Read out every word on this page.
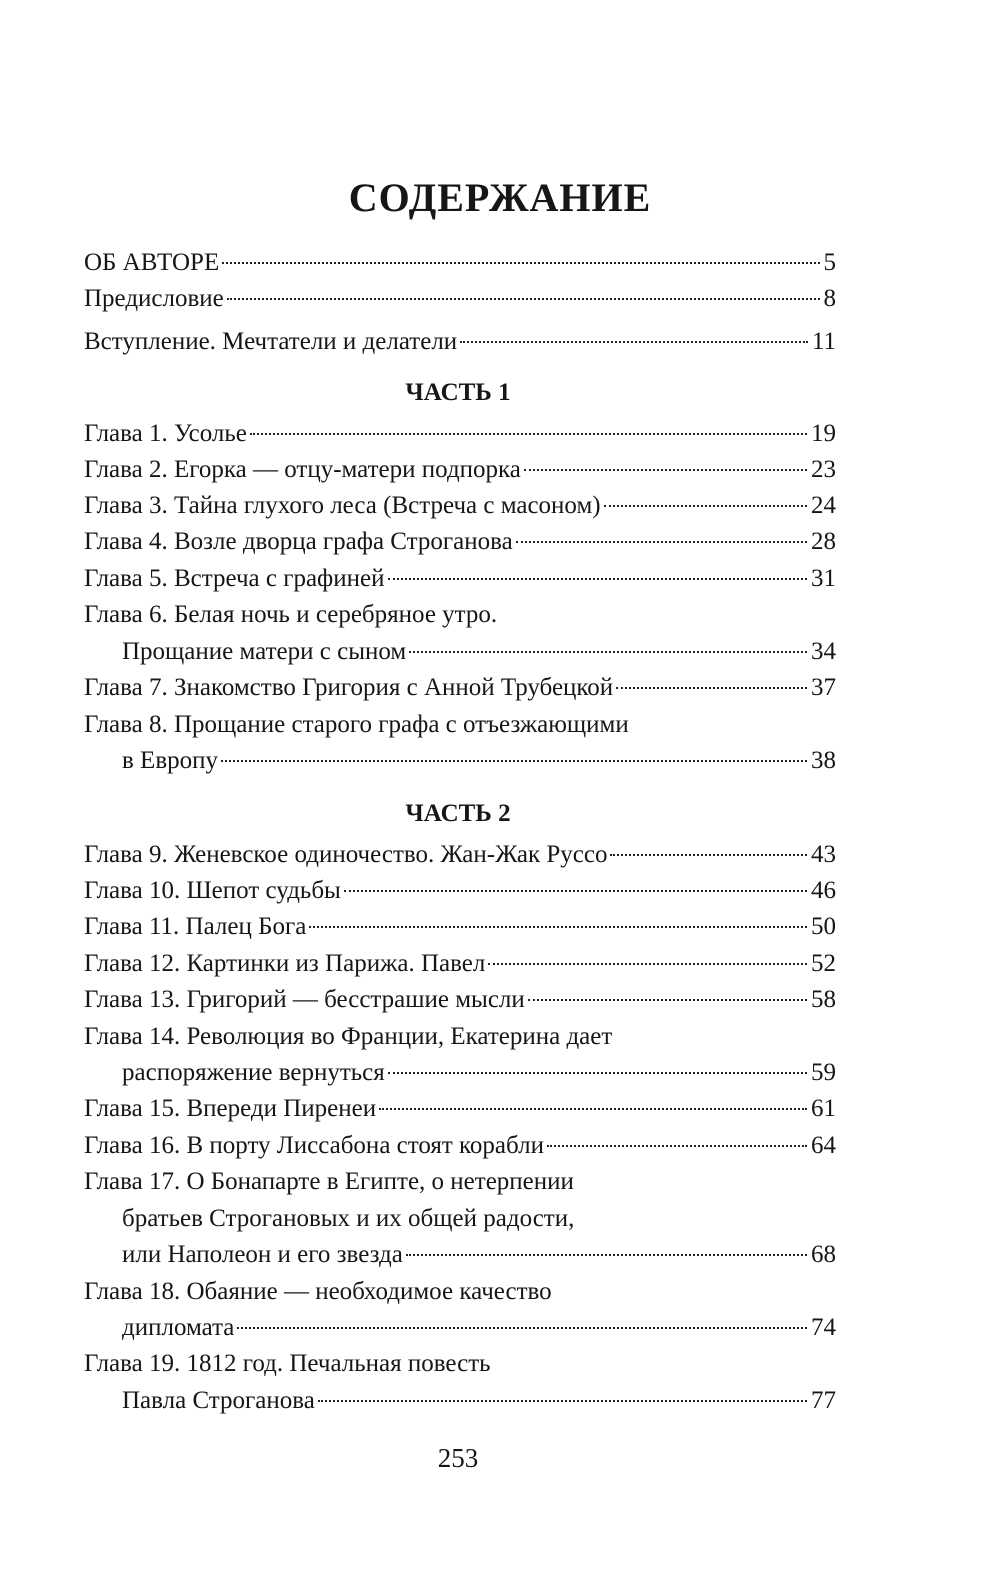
СОДЕРЖАНИЕ
ОБ АВТОРЕ	5
Предисловие	8
Вступление. Мечтатели и делатели	11
ЧАСТЬ 1
Глава 1. Усолье	19
Глава 2. Егорка — отцу-матери подпорка	23
Глава 3. Тайна глухого леса (Встреча с масоном)	24
Глава 4. Возле дворца графа Строганова	28
Глава 5. Встреча с графиней	31
Глава 6. Белая ночь и серебряное утро.
Прощание матери с сыном	34
Глава 7. Знакомство Григория с Анной Трубецкой	37
Глава 8. Прощание старого графа с отъезжающими
в Европу	38
ЧАСТЬ 2
Глава 9. Женевское одиночество. Жан-Жак Руссо	43
Глава 10. Шепот судьбы	46
Глава 11. Палец Бога	50
Глава 12. Картинки из Парижа. Павел	52
Глава 13. Григорий — бесстрашие мысли	58
Глава 14. Революция во Франции, Екатерина дает
распоряжение вернуться	59
Глава 15. Впереди Пиренеи	61
Глава 16. В порту Лиссабона стоят корабли	64
Глава 17. О Бонапарте в Египте, о нетерпении
братьев Строгановых и их общей радости,
или Наполеон и его звезда	68
Глава 18. Обаяние — необходимое качество
дипломата	74
Глава 19. 1812 год. Печальная повесть
Павла Строганова	77
253
